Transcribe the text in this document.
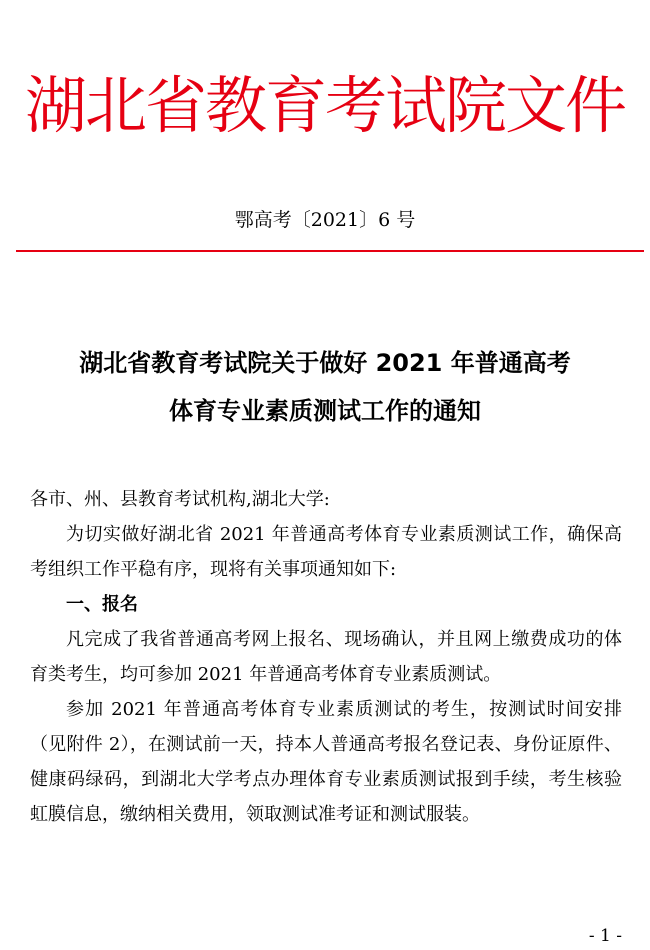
湖北省教育考试院文件
鄂高考〔2021〕6 号
湖北省教育考试院关于做好 2021 年普通高考
体育专业素质测试工作的通知

各市、州、县教育考试机构,湖北大学:

为切实做好湖北省 2021 年普通高考体育专业素质测试工作，确保高考组织工作平稳有序，现将有关事项通知如下:

一、报名

凡完成了我省普通高考网上报名、现场确认，并且网上缴费成功的体育类考生，均可参加 2021 年普通高考体育专业素质测试。

参加 2021 年普通高考体育专业素质测试的考生，按测试时间安排（见附件 2），在测试前一天，持本人普通高考报名登记表、身份证原件、健康码绿码，到湖北大学考点办理体育专业素质测试报到手续，考生核验虹膜信息，缴纳相关费用，领取测试准考证和测试服装。

- 1 -
